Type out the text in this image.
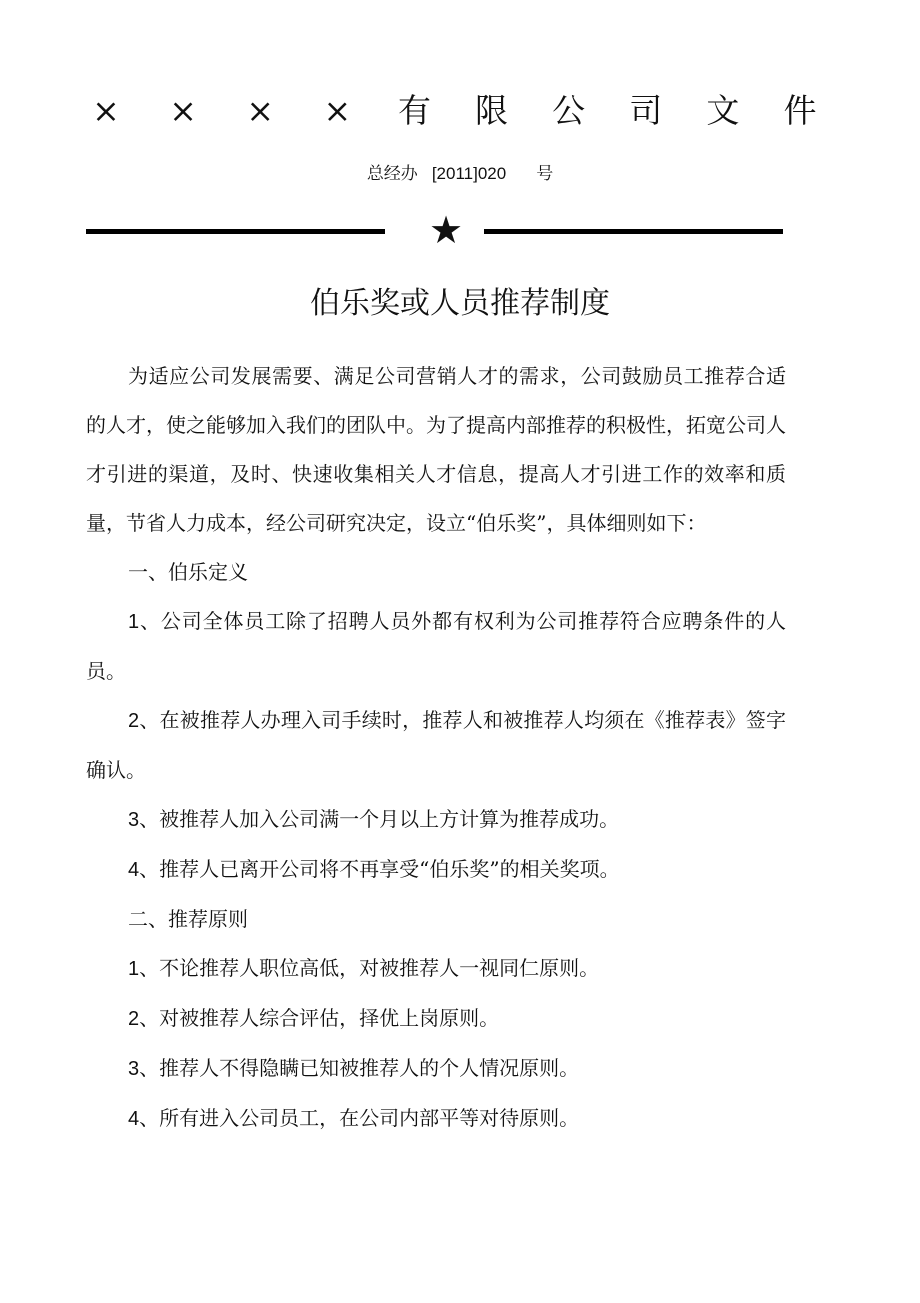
× × × × 有 限 公 司 文 件
总经办 [2011]020 号
★
伯乐奖或人员推荐制度

为适应公司发展需要、满足公司营销人才的需求，公司鼓励员工推荐合适的人才，使之能够加入我们的团队中。为了提高内部推荐的积极性，拓宽公司人才引进的渠道，及时、快速收集相关人才信息，提高人才引进工作的效率和质量，节省人力成本，经公司研究决定，设立“伯乐奖”，具体细则如下：

一、伯乐定义

1、公司全体员工除了招聘人员外都有权利为公司推荐符合应聘条件的人员。

2、在被推荐人办理入司手续时，推荐人和被推荐人均须在《推荐表》签字确认。

3、被推荐人加入公司满一个月以上方计算为推荐成功。

4、推荐人已离开公司将不再享受“伯乐奖”的相关奖项。

二、推荐原则

1、不论推荐人职位高低，对被推荐人一视同仁原则。

2、对被推荐人综合评估，择优上岗原则。

3、推荐人不得隐瞒已知被推荐人的个人情况原则。

4、所有进入公司员工，在公司内部平等对待原则。
